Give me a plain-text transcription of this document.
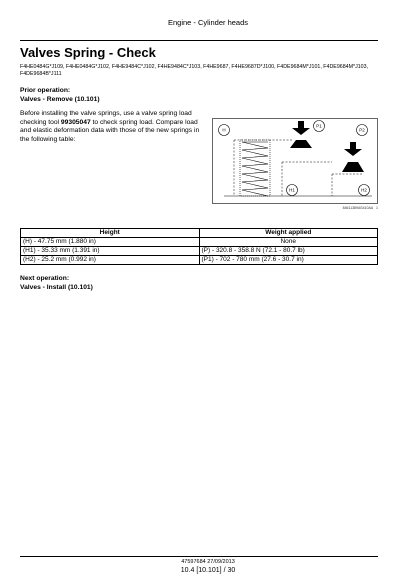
Engine - Cylinder heads
Valves Spring - Check
F4HE0484G*J109, F4HE0484G*J102, F4HE9484C*J102, F4HE9484C*J103, F4HE9687, F4HE9687D*J100, F4DE9684M*J101, F4DE9684M*J103, F4DE9684B*J111
Prior operation:
Valves - Remove (10.101)
Before installing the valve springs, use a valve spring load checking tool 99305047 to check spring load. Compare load and elastic deformation data with those of the new springs in the following table:
H
P1
P2
H1	H2
84611389AS410AA 1
Height	Weight applied
(H) - 47.75 mm (1.880 in)	None
(H1) - 35.33 mm (1.391 in)	(P) - 320.8 - 358.8 N (72.1 - 80.7 lb)
(H2) - 25.2 mm (0.992 in)	(P1) - 702 - 780 mm (27.6 - 30.7 in)
Next operation:
Valves - Install (10.101)
47597684 27/09/2013
10.4 [10.101] / 30
